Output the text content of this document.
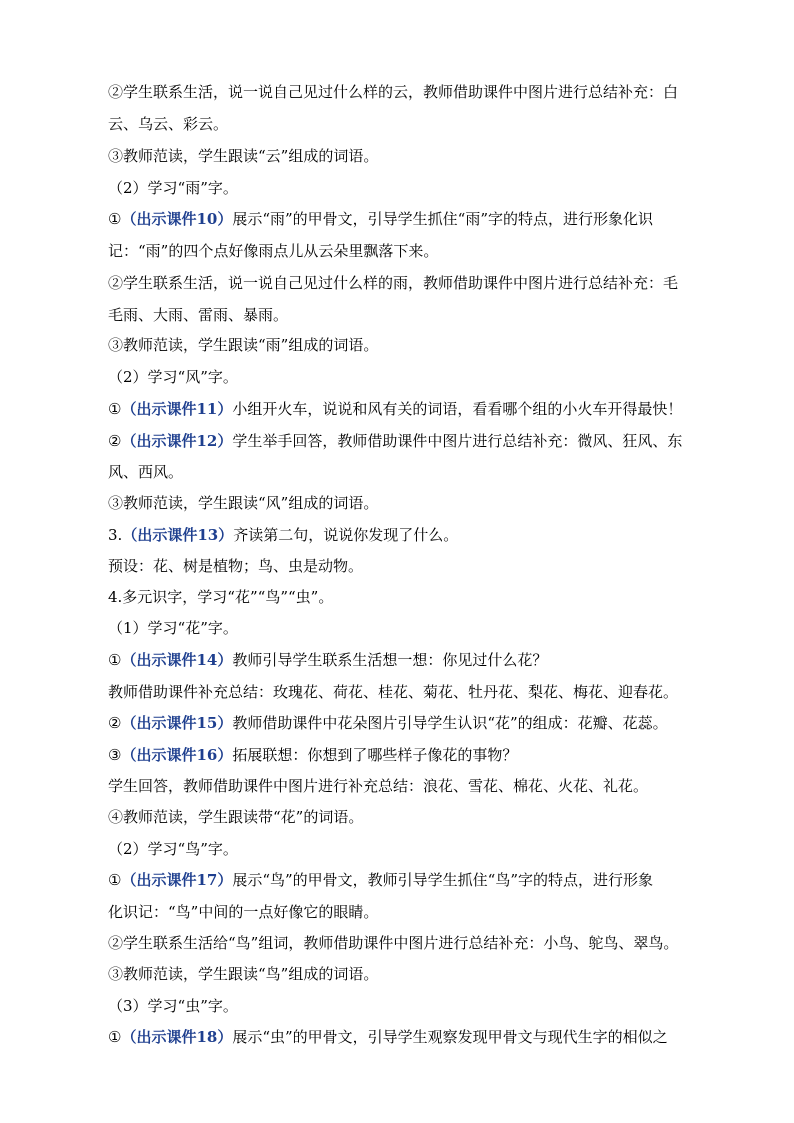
②学生联系生活，说一说自己见过什么样的云，教师借助课件中图片进行总结补充：白
云、乌云、彩云。
③教师范读，学生跟读“云”组成的词语。
（2）学习“雨”字。
①（出示课件10）展示“雨”的甲骨文，引导学生抓住“雨”字的特点，进行形象化识
记：“雨”的四个点好像雨点儿从云朵里飘落下来。
②学生联系生活，说一说自己见过什么样的雨，教师借助课件中图片进行总结补充：毛
毛雨、大雨、雷雨、暴雨。
③教师范读，学生跟读“雨”组成的词语。
（2）学习“风”字。
①（出示课件11）小组开火车，说说和风有关的词语，看看哪个组的小火车开得最快！
②（出示课件12）学生举手回答，教师借助课件中图片进行总结补充：微风、狂风、东
风、西风。
③教师范读，学生跟读“风”组成的词语。
3.（出示课件13）齐读第二句，说说你发现了什么。
预设：花、树是植物；鸟、虫是动物。
4.多元识字，学习“花”“鸟”“虫”。
（1）学习“花”字。
①（出示课件14）教师引导学生联系生活想一想：你见过什么花？
教师借助课件补充总结：玫瑰花、荷花、桂花、菊花、牡丹花、梨花、梅花、迎春花。
②（出示课件15）教师借助课件中花朵图片引导学生认识“花”的组成：花瓣、花蕊。
③（出示课件16）拓展联想：你想到了哪些样子像花的事物？
学生回答，教师借助课件中图片进行补充总结：浪花、雪花、棉花、火花、礼花。
④教师范读，学生跟读带“花”的词语。
（2）学习“鸟”字。
①（出示课件17）展示“鸟”的甲骨文，教师引导学生抓住“鸟”字的特点，进行形象
化识记：“鸟”中间的一点好像它的眼睛。
②学生联系生活给“鸟”组词，教师借助课件中图片进行总结补充：小鸟、鸵鸟、翠鸟。
③教师范读，学生跟读“鸟”组成的词语。
（3）学习“虫”字。
①（出示课件18）展示“虫”的甲骨文，引导学生观察发现甲骨文与现代生字的相似之
